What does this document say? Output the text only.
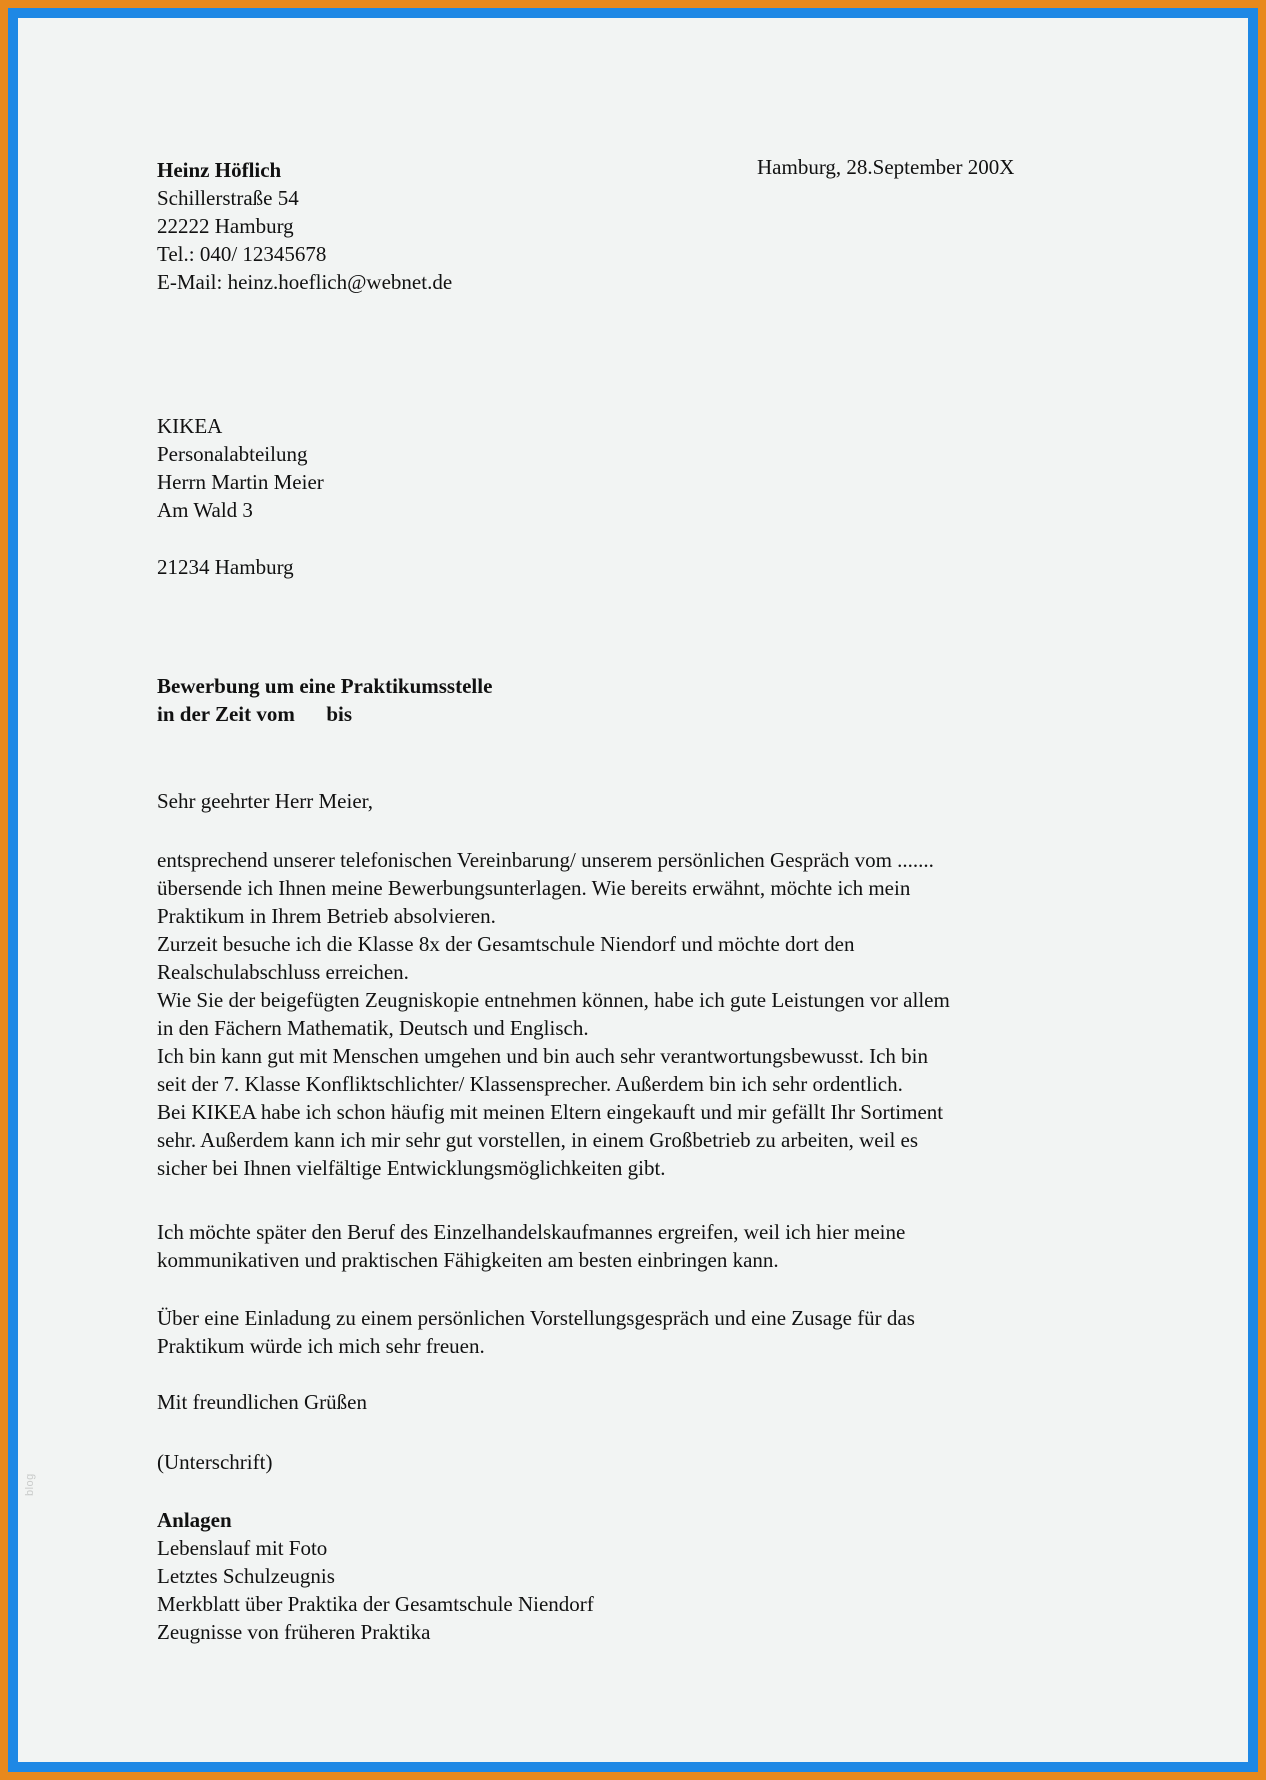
Heinz Höflich
Schillerstraße 54
22222 Hamburg
Tel.: 040/ 12345678
E-Mail: heinz.hoeflich@webnet.de
Hamburg, 28.September 200X
KIKEA
Personalabteilung
Herrn Martin Meier
Am Wald 3
21234 Hamburg
Bewerbung um eine Praktikumsstelle
in der Zeit vom      bis
Sehr geehrter Herr Meier,
entsprechend unserer telefonischen Vereinbarung/ unserem persönlichen Gespräch vom .......
übersende ich Ihnen meine Bewerbungsunterlagen. Wie bereits erwähnt, möchte ich mein
Praktikum in Ihrem Betrieb absolvieren.
Zurzeit besuche ich die Klasse 8x der Gesamtschule Niendorf und möchte dort den
Realschulabschluss erreichen.
Wie Sie der beigefügten Zeugniskopie entnehmen können, habe ich gute Leistungen vor allem
in den Fächern Mathematik, Deutsch und Englisch.
Ich bin kann gut mit Menschen umgehen und bin auch sehr verantwortungsbewusst. Ich bin
seit der 7. Klasse Konfliktschlichter/ Klassensprecher. Außerdem bin ich sehr ordentlich.
Bei KIKEA habe ich schon häufig mit meinen Eltern eingekauft und mir gefällt Ihr Sortiment
sehr. Außerdem kann ich mir sehr gut vorstellen, in einem Großbetrieb zu arbeiten, weil es
sicher bei Ihnen vielfältige Entwicklungsmöglichkeiten gibt.
Ich möchte später den Beruf des Einzelhandelskaufmannes ergreifen, weil ich hier meine
kommunikativen und praktischen Fähigkeiten am besten einbringen kann.
Über eine Einladung zu einem persönlichen Vorstellungsgespräch und eine Zusage für das
Praktikum würde ich mich sehr freuen.
Mit freundlichen Grüßen
(Unterschrift)
Anlagen
Lebenslauf mit Foto
Letztes Schulzeugnis
Merkblatt über Praktika der Gesamtschule Niendorf
Zeugnisse von früheren Praktika
blog
